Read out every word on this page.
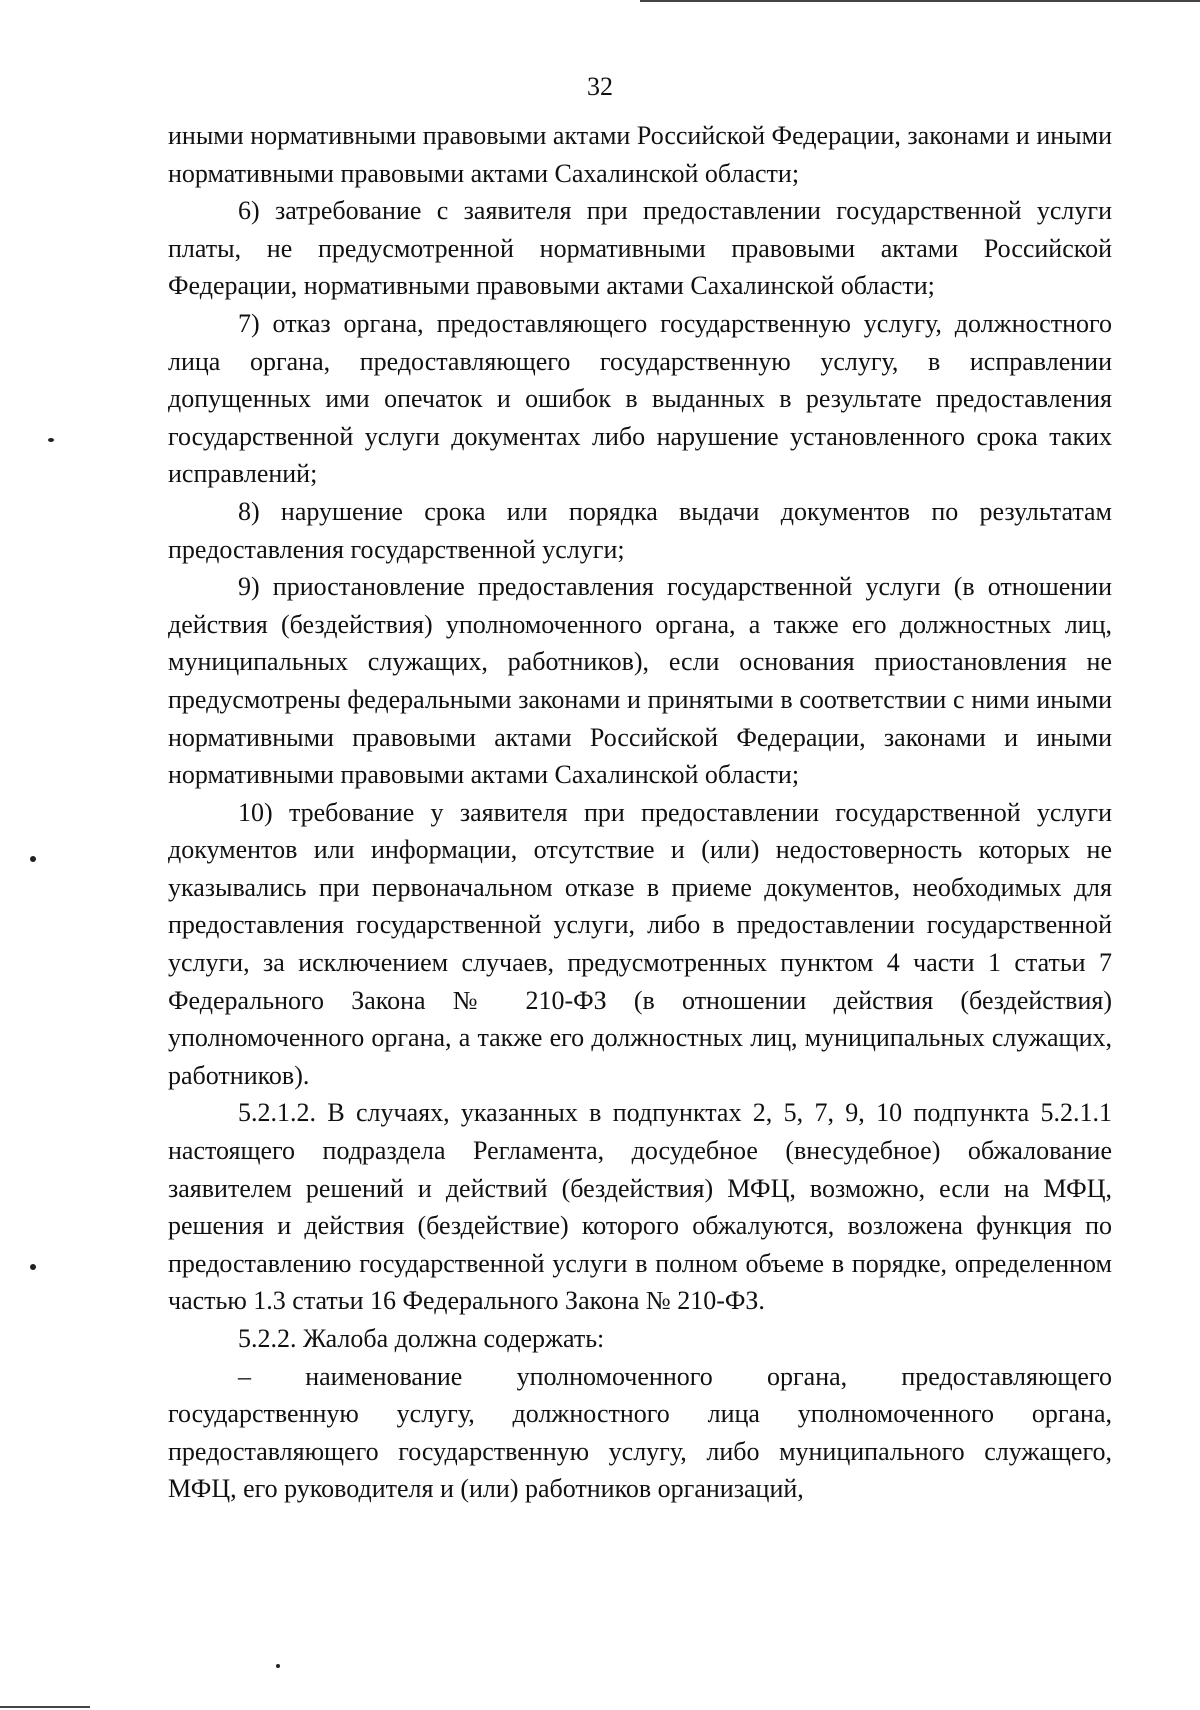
32

иными нормативными правовыми актами Российской Федерации, законами и иными нормативными правовыми актами Сахалинской области;

6) затребование с заявителя при предоставлении государственной услуги платы, не предусмотренной нормативными правовыми актами Российской Федерации, нормативными правовыми актами Сахалинской области;

7) отказ органа, предоставляющего государственную услугу, должностного лица органа, предоставляющего государственную услугу, в исправлении допущенных ими опечаток и ошибок в выданных в результате предоставления государственной услуги документах либо нарушение установленного срока таких исправлений;

8) нарушение срока или порядка выдачи документов по результатам предоставления государственной услуги;

9) приостановление предоставления государственной услуги (в отношении действия (бездействия) уполномоченного органа, а также его должностных лиц, муниципальных служащих, работников), если основания приостановления не предусмотрены федеральными законами и принятыми в соответствии с ними иными нормативными правовыми актами Российской Федерации, законами и иными нормативными правовыми актами Сахалинской области;

10) требование у заявителя при предоставлении государственной услуги документов или информации, отсутствие и (или) недостоверность которых не указывались при первоначальном отказе в приеме документов, необходимых для предоставления государственной услуги, либо в предоставлении государственной услуги, за исключением случаев, предусмотренных пунктом 4 части 1 статьи 7 Федерального Закона № 210-ФЗ (в отношении действия (бездействия) уполномоченного органа, а также его должностных лиц, муниципальных служащих, работников).

5.2.1.2. В случаях, указанных в подпунктах 2, 5, 7, 9, 10 подпункта 5.2.1.1 настоящего подраздела Регламента, досудебное (внесудебное) обжалование заявителем решений и действий (бездействия) МФЦ, возможно, если на МФЦ, решения и действия (бездействие) которого обжалуются, возложена функция по предоставлению государственной услуги в полном объеме в порядке, определенном частью 1.3 статьи 16 Федерального Закона № 210-ФЗ.

5.2.2. Жалоба должна содержать:

– наименование уполномоченного органа, предоставляющего государственную услугу, должностного лица уполномоченного органа, предоставляющего государственную услугу, либо муниципального служащего, МФЦ, его руководителя и (или) работников организаций,
